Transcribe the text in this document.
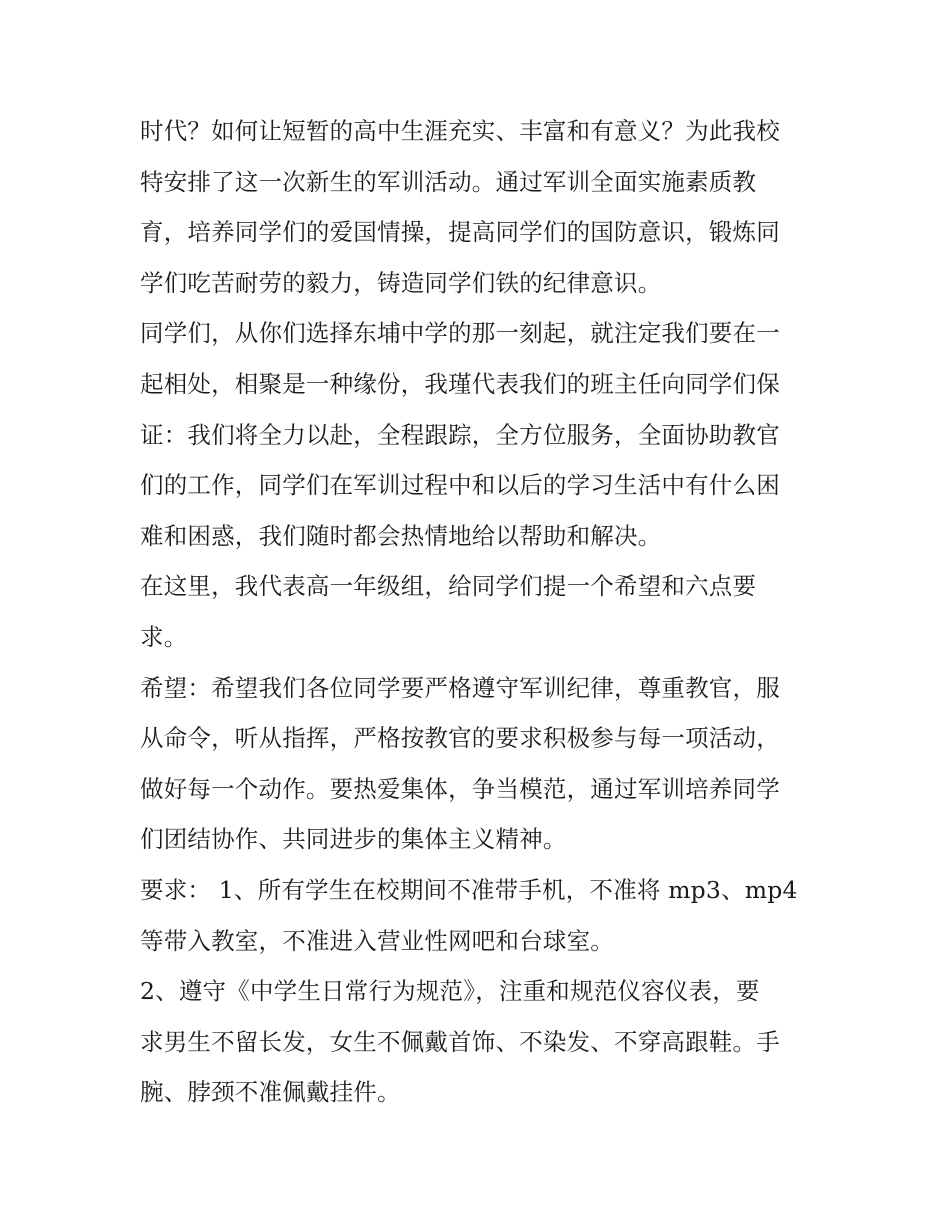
时代？如何让短暂的高中生涯充实、丰富和有意义？为此我校
特安排了这一次新生的军训活动。通过军训全面实施素质教
育，培养同学们的爱国情操，提高同学们的国防意识，锻炼同
学们吃苦耐劳的毅力，铸造同学们铁的纪律意识。
同学们，从你们选择东埔中学的那一刻起，就注定我们要在一
起相处，相聚是一种缘份，我瑾代表我们的班主任向同学们保
证：我们将全力以赴，全程跟踪，全方位服务，全面协助教官
们的工作，同学们在军训过程中和以后的学习生活中有什么困
难和困惑，我们随时都会热情地给以帮助和解决。
在这里，我代表高一年级组，给同学们提一个希望和六点要
求。
希望：希望我们各位同学要严格遵守军训纪律，尊重教官，服
从命令，听从指挥，严格按教官的要求积极参与每一项活动，
做好每一个动作。要热爱集体，争当模范，通过军训培养同学
们团结协作、共同进步的集体主义精神。
要求： 1、所有学生在校期间不准带手机，不准将 mp3、mp4
等带入教室，不准进入营业性网吧和台球室。
2、遵守《中学生日常行为规范》，注重和规范仪容仪表，要
求男生不留长发，女生不佩戴首饰、不染发、不穿高跟鞋。手
腕、脖颈不准佩戴挂件。
